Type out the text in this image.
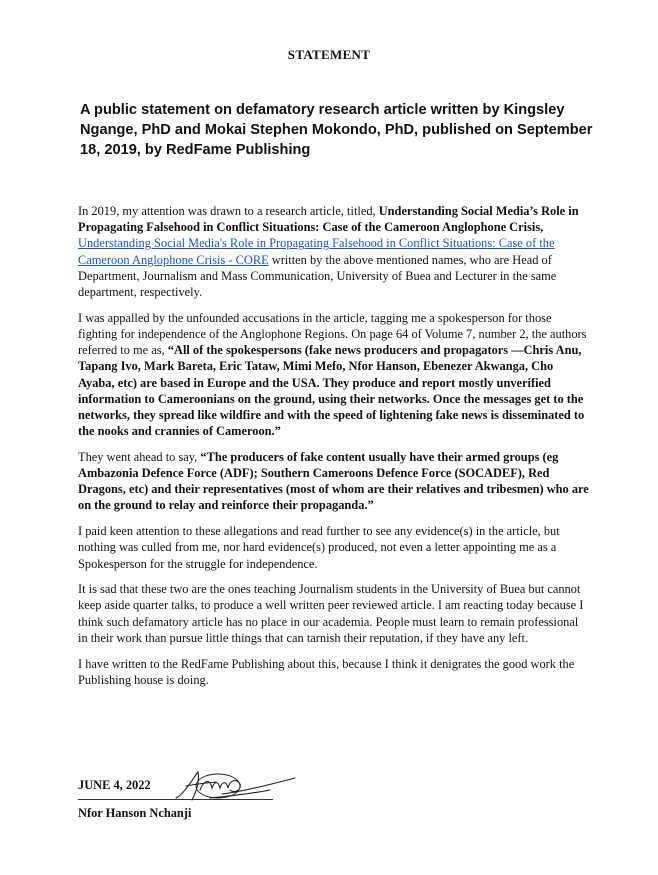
STATEMENT
A public statement on defamatory research article written by Kingsley Ngange, PhD and Mokai Stephen Mokondo, PhD, published on September 18, 2019, by RedFame Publishing

In 2019, my attention was drawn to a research article, titled, Understanding Social Media’s Role in Propagating Falsehood in Conflict Situations: Case of the Cameroon Anglophone Crisis, Understanding Social Media's Role in Propagating Falsehood in Conflict Situations: Case of the Cameroon Anglophone Crisis - CORE written by the above mentioned names, who are Head of Department, Journalism and Mass Communication, University of Buea and Lecturer in the same department, respectively.

I was appalled by the unfounded accusations in the article, tagging me a spokesperson for those fighting for independence of the Anglophone Regions. On page 64 of Volume 7, number 2, the authors referred to me as, “All of the spokespersons (fake news producers and propagators —Chris Anu, Tapang Ivo, Mark Bareta, Eric Tataw, Mimi Mefo, Nfor Hanson, Ebenezer Akwanga, Cho Ayaba, etc) are based in Europe and the USA. They produce and report mostly unverified information to Cameroonians on the ground, using their networks. Once the messages get to the networks, they spread like wildfire and with the speed of lightening fake news is disseminated to the nooks and crannies of Cameroon.”

They went ahead to say, “The producers of fake content usually have their armed groups (eg Ambazonia Defence Force (ADF); Southern Cameroons Defence Force (SOCADEF), Red Dragons, etc) and their representatives (most of whom are their relatives and tribesmen) who are on the ground to relay and reinforce their propaganda.”

I paid keen attention to these allegations and read further to see any evidence(s) in the article, but nothing was culled from me, nor hard evidence(s) produced, not even a letter appointing me as a Spokesperson for the struggle for independence.

It is sad that these two are the ones teaching Journalism students in the University of Buea but cannot keep aside quarter talks, to produce a well written peer reviewed article. I am reacting today because I think such defamatory article has no place in our academia. People must learn to remain professional in their work than pursue little things that can tarnish their reputation, if they have any left.

I have written to the RedFame Publishing about this, because I think it denigrates the good work the Publishing house is doing.

JUNE 4, 2022
Nfor Hanson Nchanji
